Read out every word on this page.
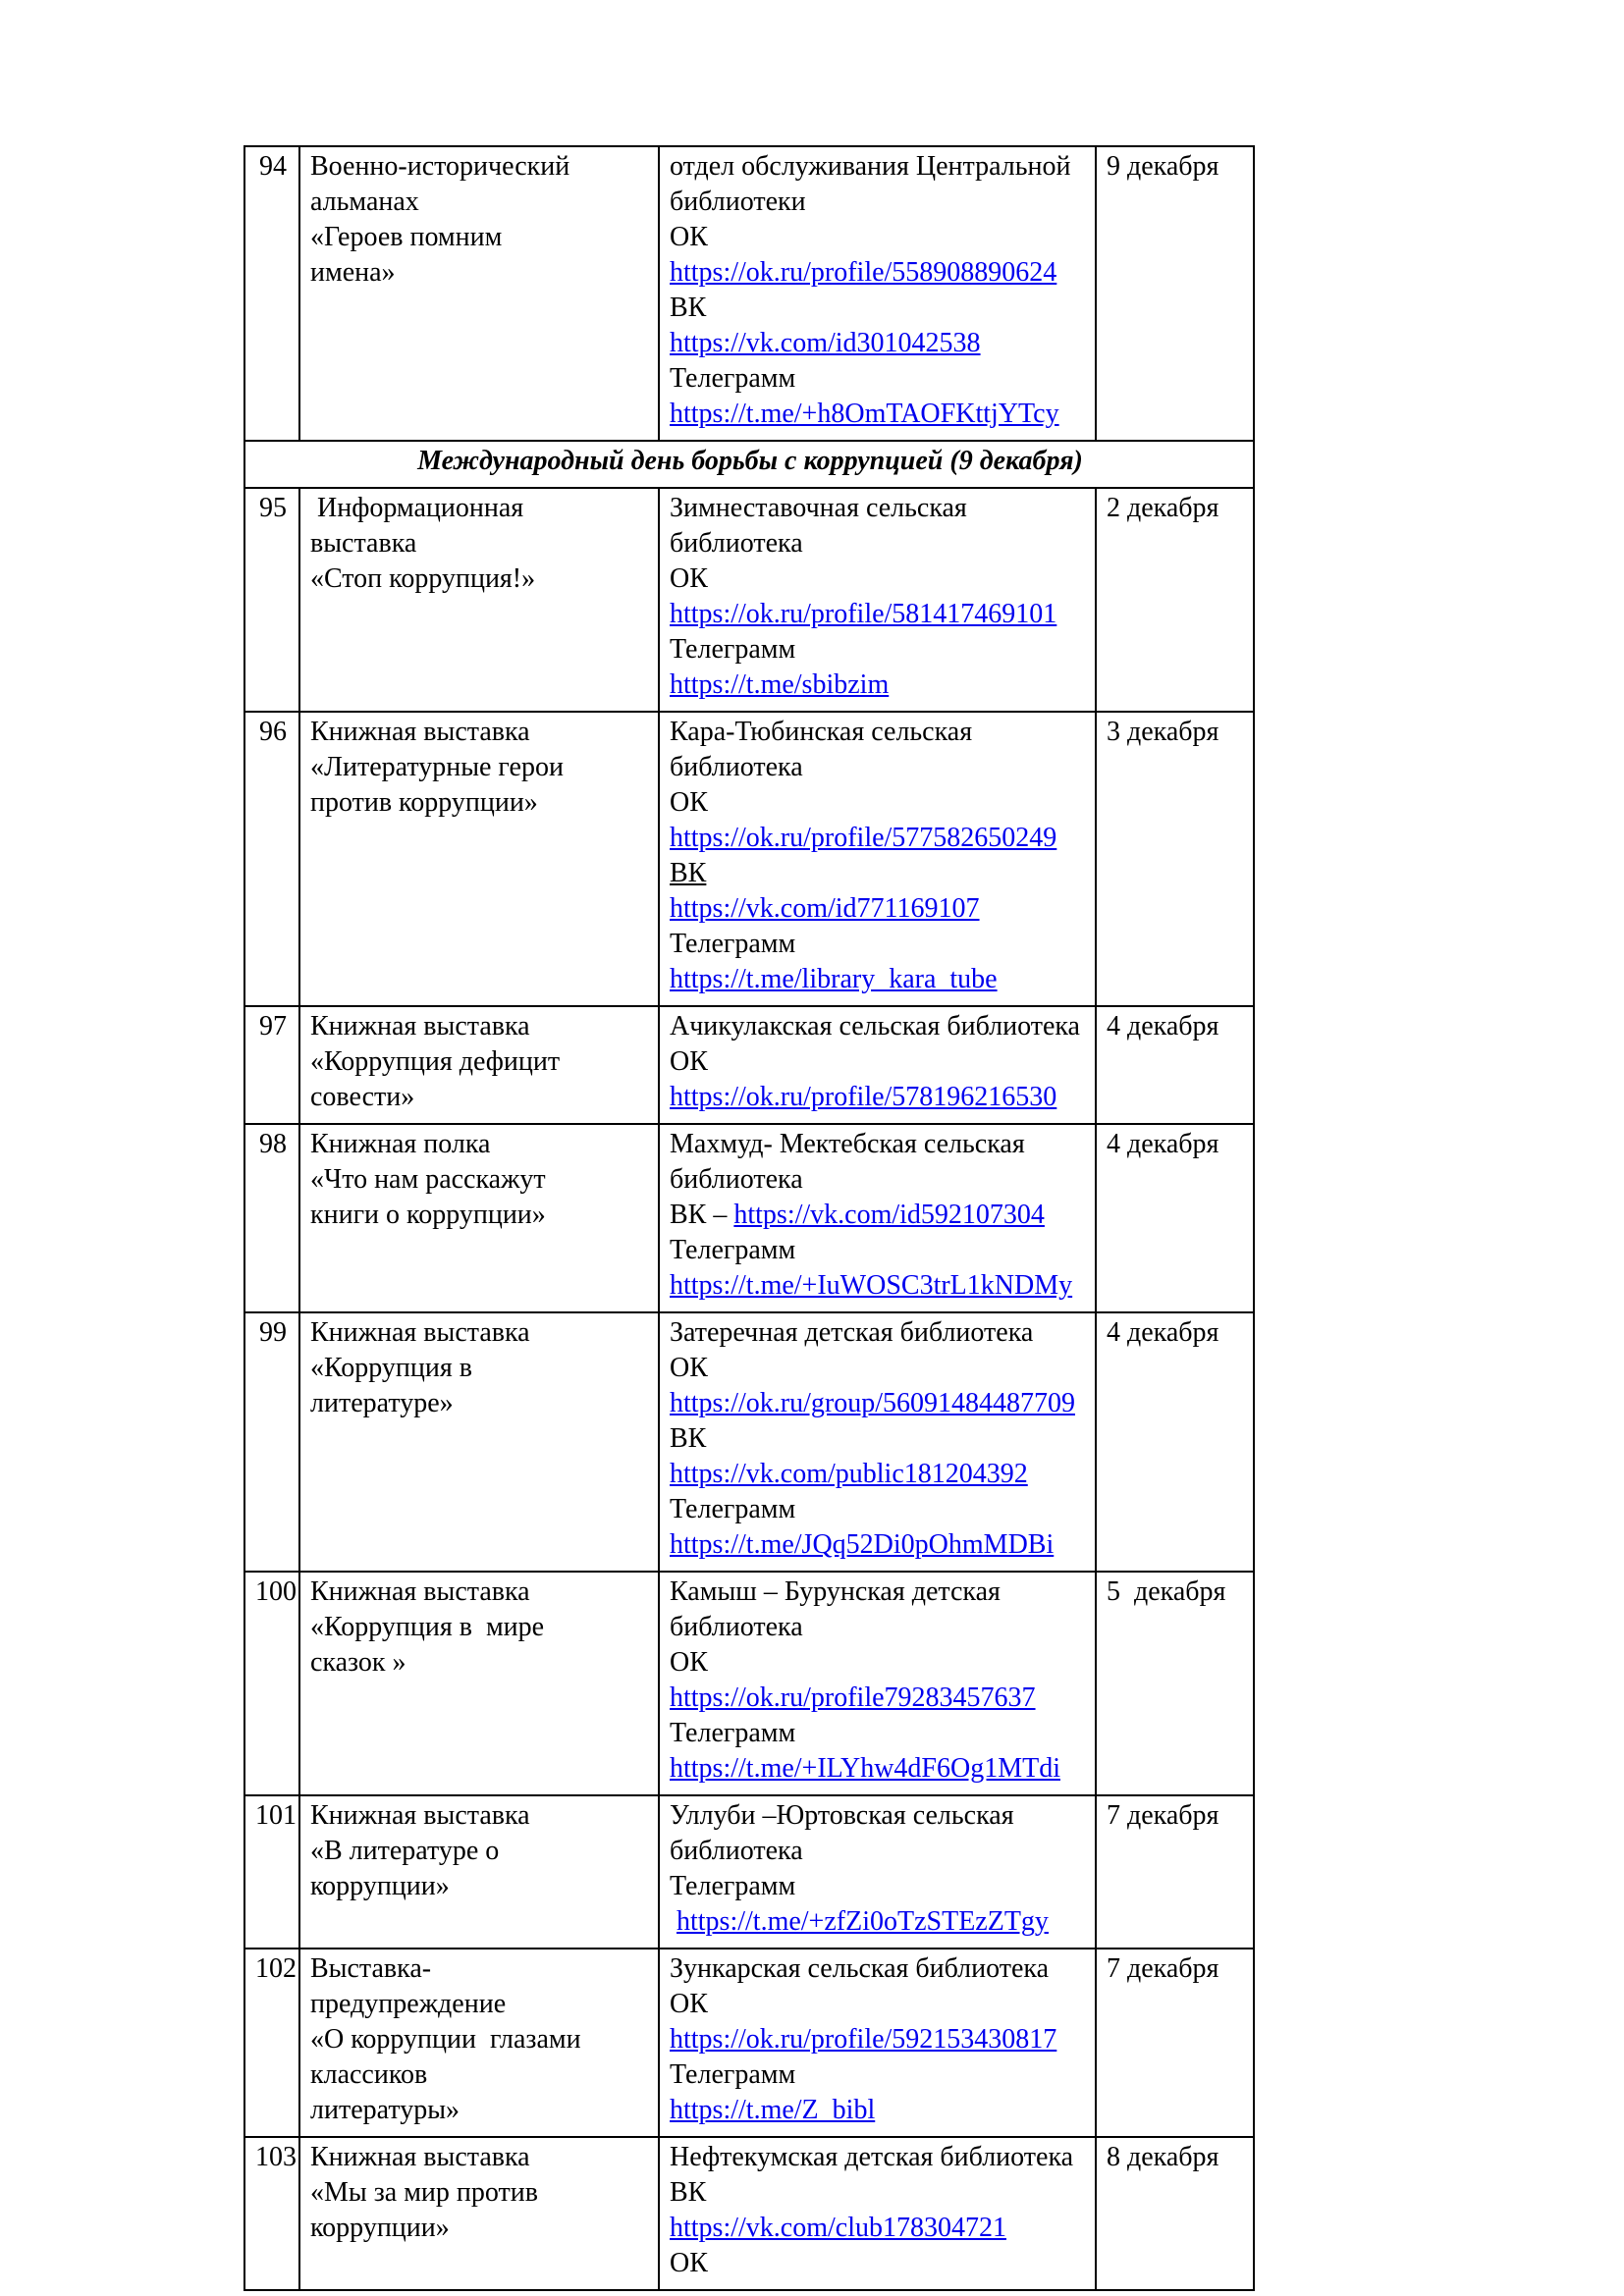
94	Военно-исторический
альманах
«Героев помним
имена»

отдел обслуживания Центральной
библиотеки
ОК
https://ok.ru/profile/558908890624
ВК
https://vk.com/id301042538
Телеграмм
https://t.me/+h8OmTAOFKttjYTcy
	9 декабря
Международный день борьбы с коррупцией (9 декабря)			
95	Информационная
выставка
«Стоп коррупция!»

Зимнеставочная сельская
библиотека
ОК
https://ok.ru/profile/581417469101
Телеграмм
https://t.me/sbibzim
	2 декабря
96	Книжная выставка
«Литературные герои
против коррупции»

Кара-Тюбинская сельская
библиотека
ОК
https://ok.ru/profile/577582650249
ВК
https://vk.com/id771169107
Телеграмм
https://t.me/library_kara_tube
	3 декабря
97	Книжная выставка
«Коррупция дефицит
совести»

Ачикулакская сельская библиотека
ОК
https://ok.ru/profile/578196216530
	4 декабря
98	Книжная полка
«Что нам расскажут
книги о коррупции»

Махмуд- Мектебская сельская
библиотека
ВК – https://vk.com/id592107304
Телеграмм
https://t.me/+IuWOSC3trL1kNDMy
	4 декабря
99	Книжная выставка
«Коррупция в
литературе»

Затеречная детская библиотека
ОК
https://ok.ru/group/56091484487709
ВК
https://vk.com/public181204392
Телеграмм
https://t.me/JQq52Di0pOhmMDBi
	4 декабря
100	Книжная выставка
«Коррупция в  мире
сказок »

Камыш – Бурунская детская
библиотека
ОК
https://ok.ru/profile79283457637
Телеграмм
https://t.me/+ILYhw4dF6Og1MTdi
	5  декабря
101	Книжная выставка
«В литературе о
коррупции»

Уллуби –Юртовская сельская
библиотека
Телеграмм
https://t.me/+zfZi0oTzSTEzZTgy
	7 декабря
102	Выставка-
предупреждение
«О коррупции  глазами
классиков
литературы»

Зункарская сельская библиотека
ОК
https://ok.ru/profile/592153430817
Телеграмм
https://t.me/Z_bibl
	7 декабря
103	Книжная выставка
«Мы за мир против
коррупции»

Нефтекумская детская библиотека
ВК
https://vk.com/club178304721
ОК
	8 декабря
